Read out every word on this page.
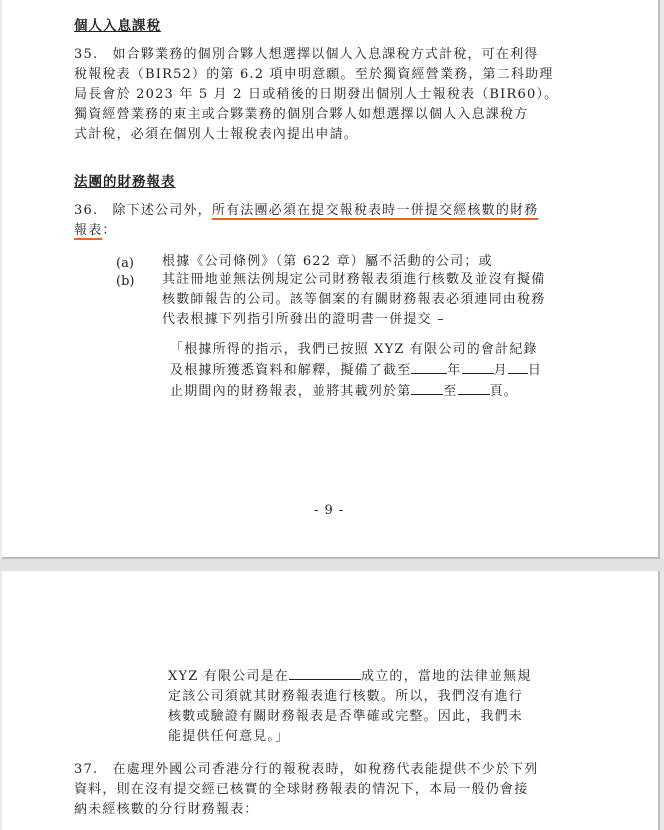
個人入息課稅
35.　如合夥業務的個別合夥人想選擇以個人入息課稅方式計稅，可在利得
稅報稅表（BIR52）的第 6.2 項申明意願。至於獨資經營業務，第二科助理
局長會於 2023 年 5 月 2 日或稍後的日期發出個別人士報稅表（BIR60）。
獨資經營業務的東主或合夥業務的個別合夥人如想選擇以個人入息課稅方
式計稅，必須在個別人士報稅表內提出申請。
法團的財務報表
36.　除下述公司外，所有法團必須在提交報稅表時一併提交經核數的財務
報表：
(a) 根據《公司條例》（第 622 章）屬不活動的公司；或
(b) 其註冊地並無法例規定公司財務報表須進行核數及並沒有擬備
核數師報告的公司。該等個案的有關財務報表必須連同由稅務
代表根據下列指引所發出的證明書一併提交 –
「根據所得的指示，我們已按照 XYZ 有限公司的會計紀錄
及根據所獲悉資料和解釋，擬備了截至	年 月 日
止期間內的財務報表，並將其載列於第 至 頁。
- 9 -
XYZ 有限公司是在	成立的，當地的法律並無規
定該公司須就其財務報表進行核數。所以，我們沒有進行
核數或驗證有關財務報表是否準確或完整。因此，我們未
能提供任何意見。」
37.　在處理外國公司香港分行的報稅表時，如稅務代表能提供不少於下列
資料，則在沒有提交經已核實的全球財務報表的情況下，本局一般仍會接
納未經核數的分行財務報表：
